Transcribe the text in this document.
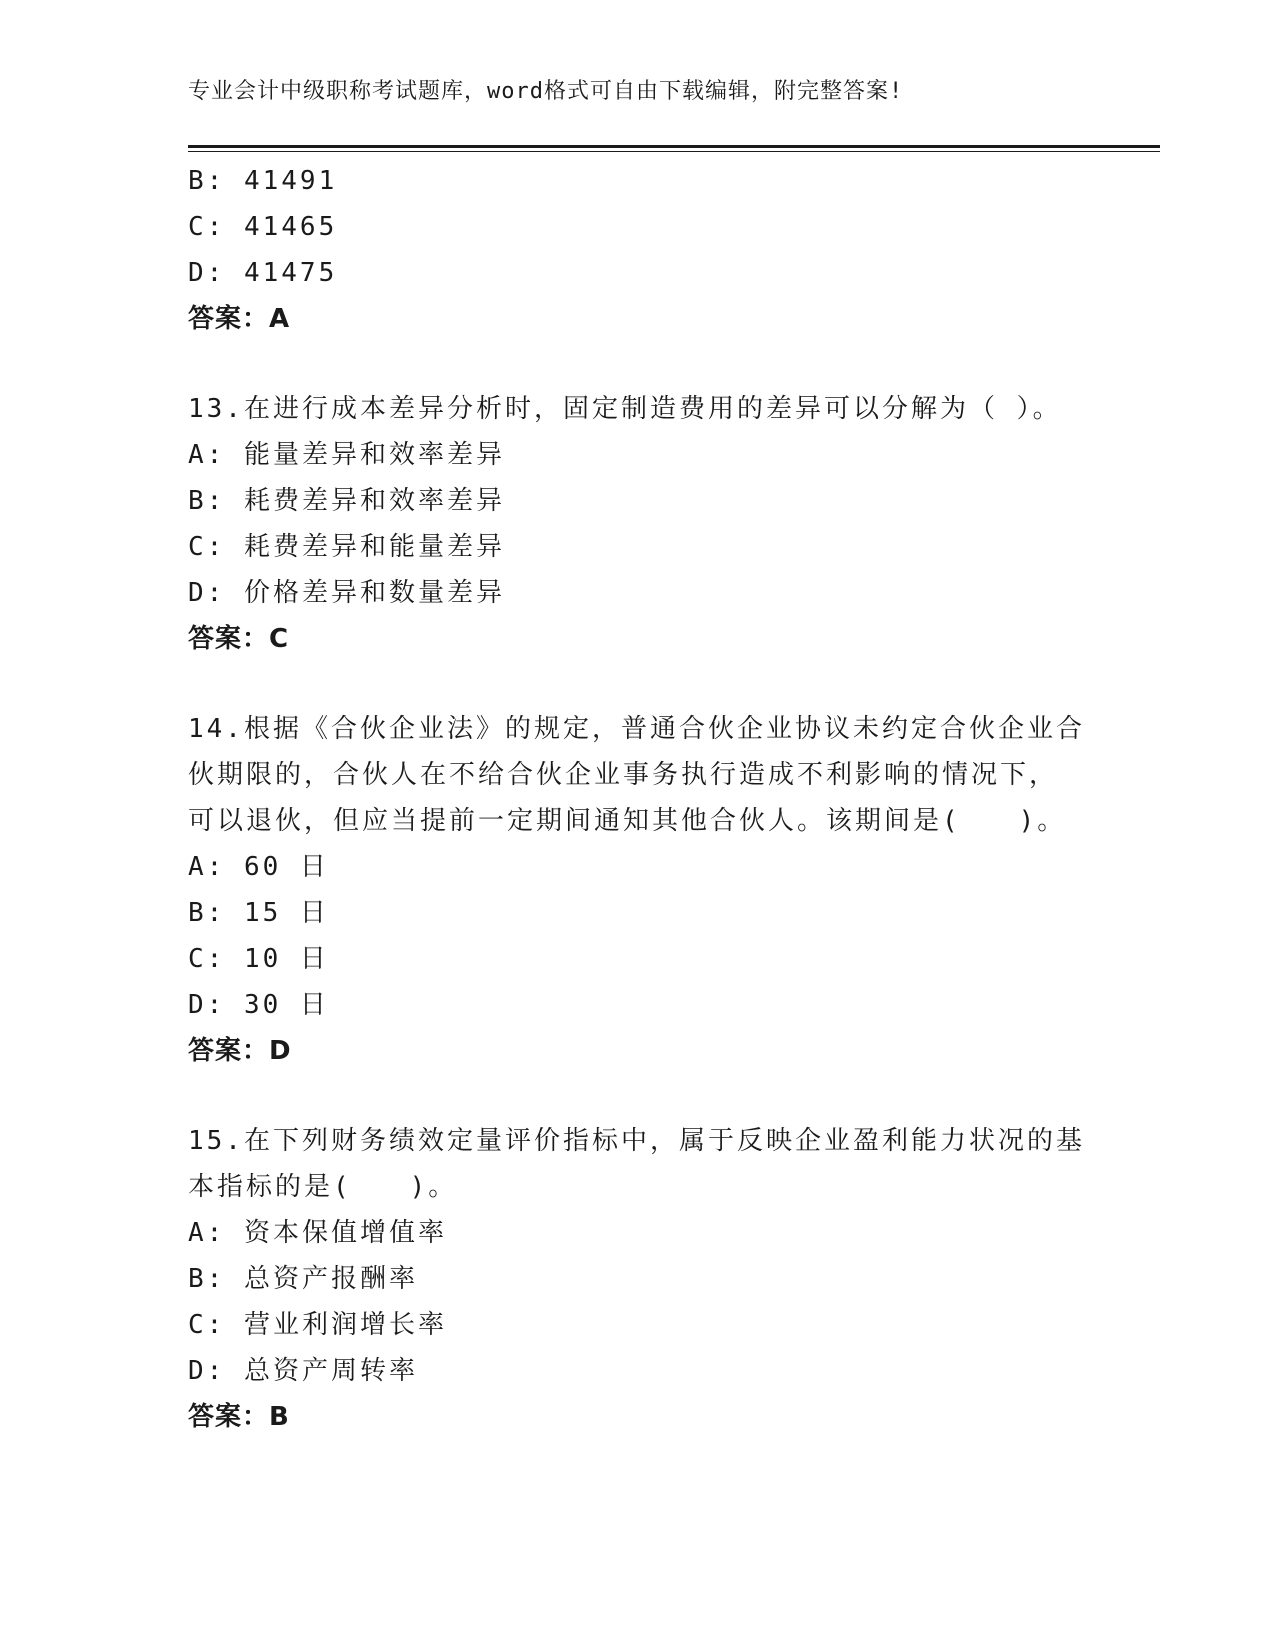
专业会计中级职称考试题库，word格式可自由下载编辑，附完整答案!
B: 41491
C: 41465
D: 41475
答案：A
13.在进行成本差异分析时，固定制造费用的差异可以分解为（ ）。
A: 能量差异和效率差异
B: 耗费差异和效率差异
C: 耗费差异和能量差异
D: 价格差异和数量差异
答案：C
14.根据《合伙企业法》的规定，普通合伙企业协议未约定合伙企业合
伙期限的，合伙人在不给合伙企业事务执行造成不利影响的情况下，
可以退伙，但应当提前一定期间通知其他合伙人。该期间是(　　)。
A: 60 日
B: 15 日
C: 10 日
D: 30 日
答案：D
15.在下列财务绩效定量评价指标中，属于反映企业盈利能力状况的基
本指标的是(　　)。
A: 资本保值增值率
B: 总资产报酬率
C: 营业利润增长率
D: 总资产周转率
答案：B
